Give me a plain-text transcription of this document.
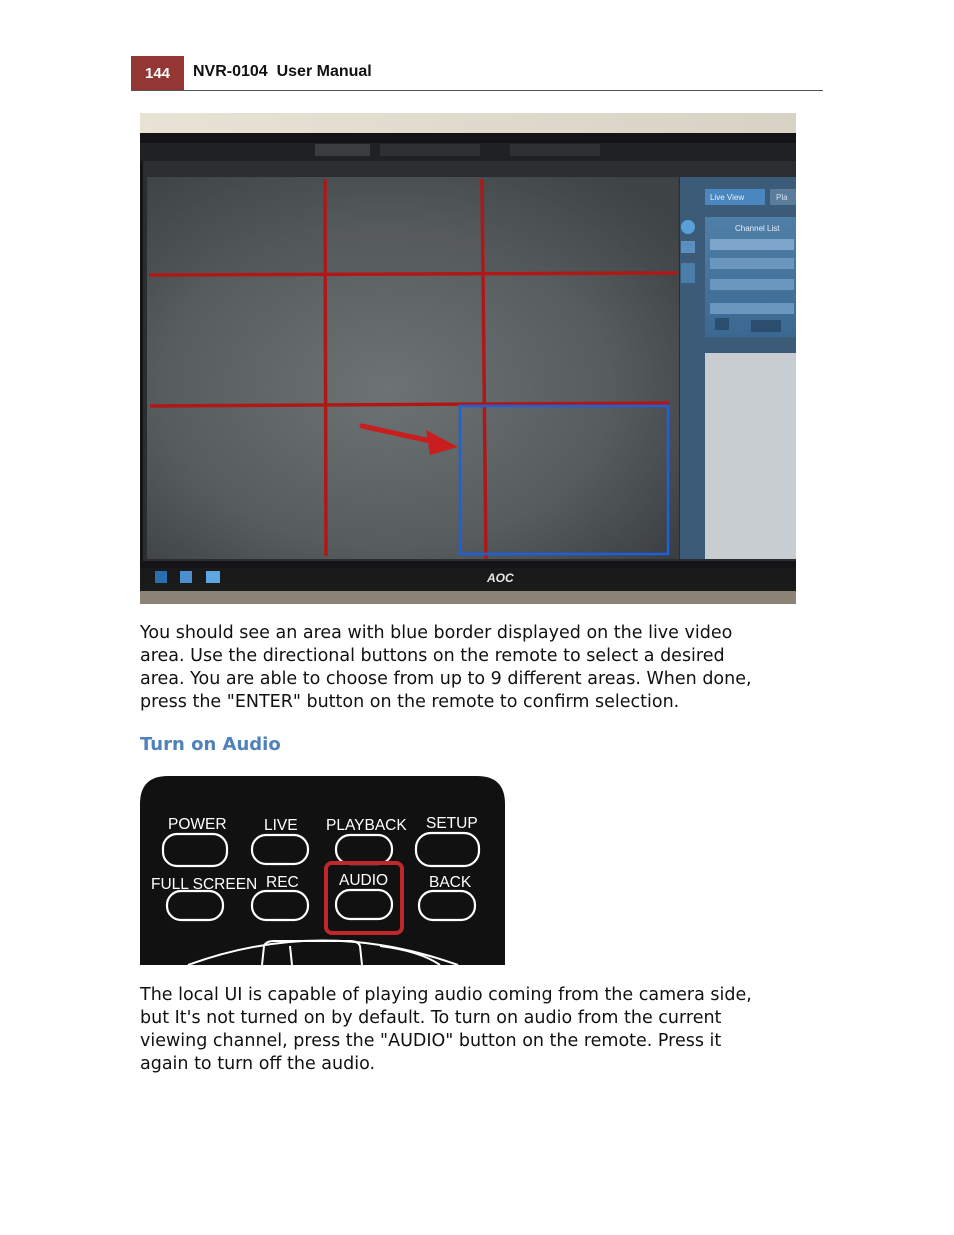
144	NVR-0104  User Manual
Live View	Pla
Channel List
AOC
You should see an area with blue border displayed on the live video
area. Use the directional buttons on the remote to select a desired
area. You are able to choose from up to 9 different areas. When done,
press the "ENTER" button on the remote to confirm selection.
Turn on Audio
POWER LIVE PLAYBACK SETUP
FULL SCREEN REC	AUDIO	BACK
The local UI is capable of playing audio coming from the camera side,
but It's not turned on by default. To turn on audio from the current
viewing channel, press the "AUDIO" button on the remote. Press it
again to turn off the audio.
